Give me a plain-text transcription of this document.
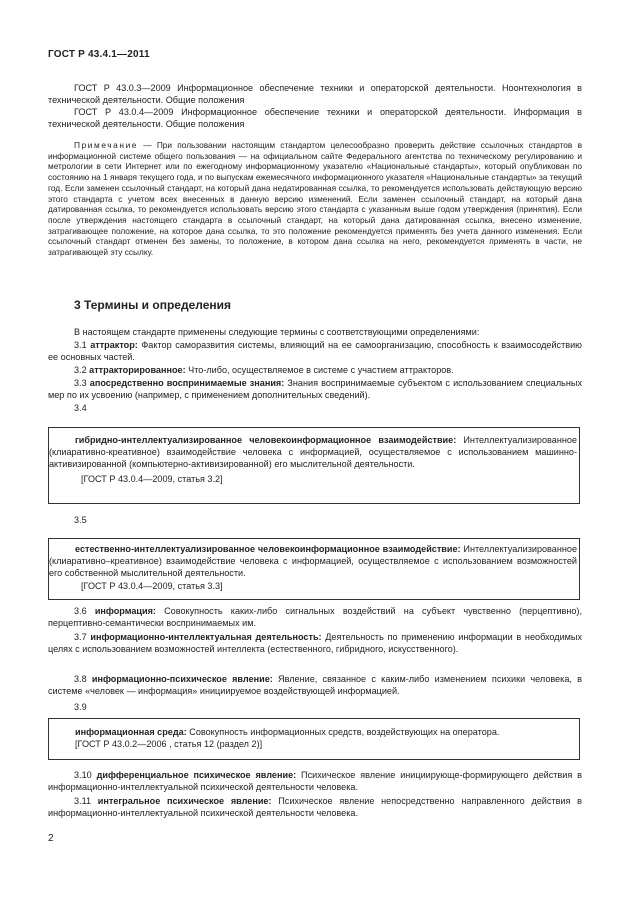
ГОСТ Р 43.4.1—2011
ГОСТ Р 43.0.3—2009 Информационное обеспечение техники и операторской деятельности. Ноонтехнология в технической деятельности. Общие положения
ГОСТ Р 43.0.4—2009 Информационное обеспечение техники и операторской деятельности. Информация в технической деятельности. Общие положения
Примечание — При пользовании настоящим стандартом целесообразно проверить действие ссылочных стандартов в информационной системе общего пользования — на официальном сайте Федерального агентства по техническому регулированию и метрологии в сети Интернет или по ежегодному информационному указателю «Национальные стандарты», который опубликован по состоянию на 1 января текущего года, и по выпускам ежемесячного информационного указателя «Национальные стандарты» за текущий год. Если заменен ссылочный стандарт, на который дана недатированная ссылка, то рекомендуется использовать действующую версию этого стандарта с учетом всех внесенных в данную версию изменений. Если заменен ссылочный стандарт, на который дана датированная ссылка, то рекомендуется использовать версию этого стандарта с указанным выше годом утверждения (принятия). Если после утверждения настоящего стандарта в ссылочный стандарт, на который дана датированная ссылка, внесено изменение, затрагивающее положение, на которое дана ссылка, то это положение рекомендуется применять без учета данного изменения. Если ссылочный стандарт отменен без замены, то положение, в котором дана ссылка на него, рекомендуется применять в части, не затрагивающей эту ссылку.
3 Термины и определения
В настоящем стандарте применены следующие термины с соответствующими определениями:
3.1 аттрактор: Фактор саморазвития системы, влияющий на ее самоорганизацию, способность к взаимосодействию ее основных частей.
3.2 аттракторированное: Что-либо, осуществляемое в системе с участием аттракторов.
3.3 апосредственно воспринимаемые знания: Знания воспринимаемые субъектом с использованием специальных мер по их усвоению (например, с применением дополнительных сведений).
3.4
гибридно-интеллектуализированное человекоинформационное взаимодействие: Интеллектуализированное (клиаративно-креативное) взаимодействие человека с информацией, осуществляемое с использованием машинно-активизированной (компьютерно-активизированной) его мыслительной деятельности.
[ГОСТ Р 43.0.4—2009, статья 3.2]
3.5
естественно-интеллектуализированное человекоинформационное взаимодействие: Интеллектуализированное (клиаративно–креативное) взаимодействие человека с информацией, осуществляемое с использованием возможностей его собственной мыслительной деятельности.
[ГОСТ Р 43.0.4—2009, статья 3.3]
3.6 информация: Совокупность каких-либо сигнальных воздействий на субъект чувственно (перцептивно), перцептивно-семантически воспринимаемых им.
3.7 информационно-интеллектуальная деятельность: Деятельность по применению информации в необходимых целях с использованием возможностей интеллекта (естественного, гибридного, искусственного).
3.8 информационно-психическое явление: Явление, связанное с каким-либо изменением психики человека, в системе «человек — информация» инициируемое воздействующей информацией.
3.9
информационная среда: Совокупность информационных средств, воздействующих на оператора.
[ГОСТ Р 43.0.2—2006 , статья 12 (раздел 2)]
3.10 дифференциальное психическое явление: Психическое явление инициирующе-формирующего действия в информационно-интеллектуальной психической деятельности человека.
3.11 интегральное психическое явление: Психическое явление непосредственно направленного действия в информационно-интеллектуальной психической деятельности человека.
2
